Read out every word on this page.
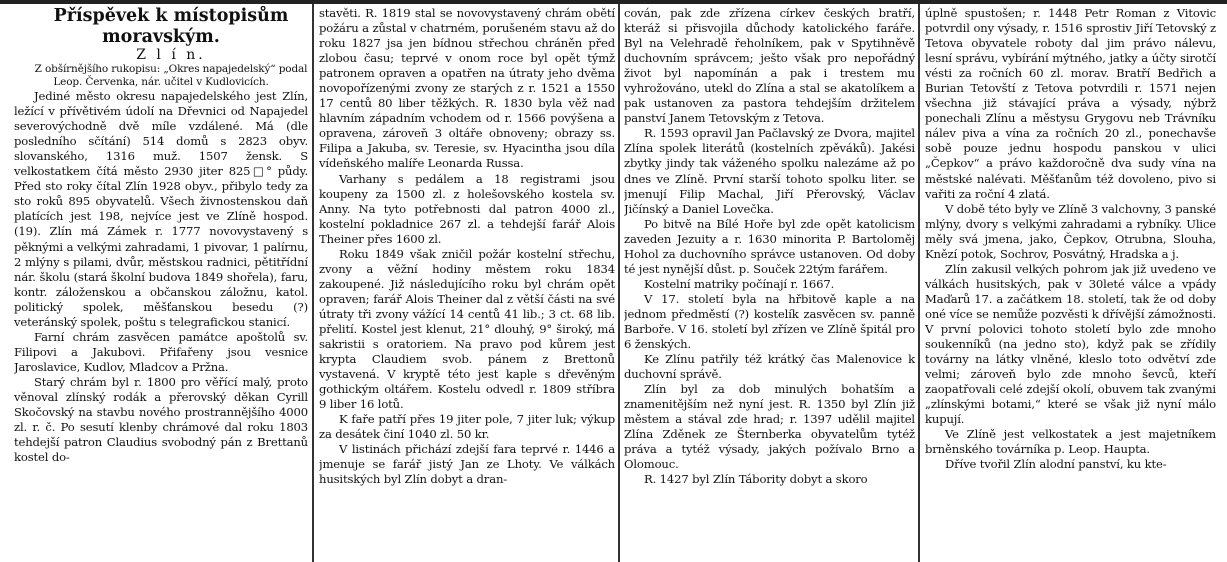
Příspěvek k místopisům moravským.

Z l í n.

Z obšírnějšího rukopisu: „Okres napajedelský“ podal Leop. Červenka, nár. učitel v Kudlovicích.

Jediné město okresu napajedelského jest Zlín, ležící v přívětivém údolí na Dřevnici od Napajedel severovýchodně dvě míle vzdálené. Má (dle posledního sčítání) 514 domů s 2823 obyv. slovanského, 1316 muž. 1507 žensk. S velkostatkem čítá město 2930 jiter 825□° půdy. Před sto roky čítal Zlín 1928 obyv., přibylo tedy za sto roků 895 obyvatelů. Všech živnostenskou daň platících jest 198, nejvíce jest ve Zlíně hospod. (19). Zlín má Zámek r. 1777 novovystavený s pěknými a velkými zahradami, 1 pivovar, 1 palírnu, 2 mlýny s pilami, dvůr, městskou radnici, pětitřídní nár. školu (stará školní budova 1849 shořela), faru, kontr. záloženskou a občanskou záložnu, katol. politický spolek, měšťanskou besedu (?) veteránský spolek, poštu s telegrafickou stanicí.

Farní chrám zasvěcen památce apoštolů sv. Filipovi a Jakubovi. Přifařeny jsou vesnice Jaroslavice, Kudlov, Mladcov a Pržna.

Starý chrám byl r. 1800 pro věřící malý, proto věnoval zlínský rodák a přerovský děkan Cyrill Skočovský na stavbu nového prostrannějšího 4000 zl. r. č. Po sesutí klenby chrámové dal roku 1803 tehdejší patron Claudius svobodný pán z Brettanů kostel do-

stavěti. R. 1819 stal se novovystavený chrám obětí požáru a zůstal v chatrném, porušeném stavu až do roku 1827 jsa jen bídnou střechou chráněn před zlobou času; teprvé v onom roce byl opět týmž patronem opraven a opatřen na útraty jeho dvěma novopořízenými zvony ze starých z r. 1521 a 1550 17 centů 80 liber těžkých. R. 1830 byla věž nad hlavním západním vchodem od r. 1566 povýšena a opravena, zároveň 3 oltáře obnoveny; obrazy ss. Filipa a Jakuba, sv. Teresie, sv. Hyacintha jsou díla vídeňského malíře Leonarda Russa.

Varhany s pedálem a 18 registrami jsou koupeny za 1500 zl. z holešovského kostela sv. Anny. Na tyto potřebnosti dal patron 4000 zl., kostelní pokladnice 267 zl. a tehdejší farář Alois Theiner přes 1600 zl.

Roku 1849 však zničil požár kostelní střechu, zvony a věžní hodiny městem roku 1834 zakoupené. Již následujícího roku byl chrám opět opraven; farář Alois Theiner dal z větší části na své útraty tři zvony vážící 14 centů 41 lib.; 3 ct. 68 lib. přelití. Kostel jest klenut, 21° dlouhý, 9° široký, má sakristii s oratoriem. Na pravo pod kůrem jest krypta Claudiem svob. pánem z Brettonů vystavená. V kryptě této jest kaple s dřevěným gothickým oltářem. Kostelu odvedl r. 1809 stříbra 9 liber 16 lotů.

K faře patří přes 19 jiter pole, 7 jiter luk; výkup za desátek činí 1040 zl. 50 kr.

V listinách přichází zdejší fara teprvé r. 1446 a jmenuje se farář jistý Jan ze Lhoty. Ve válkách husitských byl Zlín dobyt a dran-

cován, pak zde zřízena církev českých bratří, kteráž si přisvojila důchody katolického faráře. Byl na Velehradě řeholníkem, pak v Spytihněvě duchovním správcem; ješto však pro nepořádný život byl napomínán a pak i trestem mu vyhrožováno, utekl do Zlína a stal se akatolíkem a pak ustanoven za pastora tehdejším držitelem panství Janem Tetovským z Tetova.

R. 1593 opravil Jan Pačlavský ze Dvora, majitel Zlína spolek literátů (kostelních zpěváků). Jakési zbytky jindy tak váženého spolku nalezáme až po dnes ve Zlíně. První starší tohoto spolku liter. se jmenují Filip Machal, Jiří Přerovský, Václav Jičínský a Daniel Lovečka.

Po bitvě na Bílé Hoře byl zde opět katolicism zaveden Jezuity a r. 1630 minorita P. Bartoloměj Hohol za duchovního správce ustanoven. Od doby té jest nynější důst. p. Souček 22tým farářem.

Kostelní matriky počínají r. 1667.

V 17. století byla na hřbitově kaple a na jednom předměstí (?) kostelík zasvěcen sv. panně Barboře. V 16. století byl zřízen ve Zlíně špitál pro 6 ženských.

Ke Zlínu patřily též krátký čas Malenovice k duchovní správě.

Zlín byl za dob minulých bohatším a znamenitějším než nyní jest. R. 1350 byl Zlín již městem a stával zde hrad; r. 1397 udělil majitel Zlína Zděnek ze Šternberka obyvatelům tytéž práva a tytéž výsady, jakých požívalo Brno a Olomouc.

R. 1427 byl Zlín Tábority dobyt a skoro

úplně spustošen; r. 1448 Petr Roman z Vitovic potvrdil ony výsady, r. 1516 sprostiv Jiří Tetovský z Tetova obyvatele roboty dal jim právo nálevu, lesní správu, vybírání mýtného, jatky a účty sirotčí vésti za ročních 60 zl. morav. Bratří Bedřich a Burian Tetovští z Tetova potvrdili r. 1571 nejen všechna již stávající práva a výsady, nýbrž ponechali Zlínu a městysu Grygovu neb Trávníku nálev piva a vína za ročních 20 zl., ponechavše sobě pouze jednu hospodu panskou v ulici „Čepkov“ a právo každoročně dva sudy vína na městské nalévati. Měšťanům též dovoleno, pivo si vařiti za roční 4 zlatá.

V době této byly ve Zlíně 3 valchovny, 3 panské mlýny, dvory s velkými zahradami a rybníky. Ulice měly svá jmena, jako, Čepkov, Otrubna, Slouha, Knězí potok, Sochrov, Posvátný, Hradska a j.

Zlín zakusil velkých pohrom jak již uvedeno ve válkách husitských, pak v 30leté válce a vpády Maďarů 17. a začátkem 18. století, tak že od doby oné více se nemůže pozvěsti k dřívější zámožnosti. V první polovici tohoto století bylo zde mnoho soukenníků (na jedno sto), když pak se zřídily továrny na látky vlněné, kleslo toto odvětví zde velmi; zároveň bylo zde mnoho ševců, kteří zaopatřovali celé zdejší okolí, obuvem tak zvanými „zlínskými botami,“ které se však již nyní málo kupují.

Ve Zlíně jest velkostatek a jest majetníkem brněnského továrníka p. Leop. Haupta.

Dříve tvořil Zlín alodní panství, ku kte-
